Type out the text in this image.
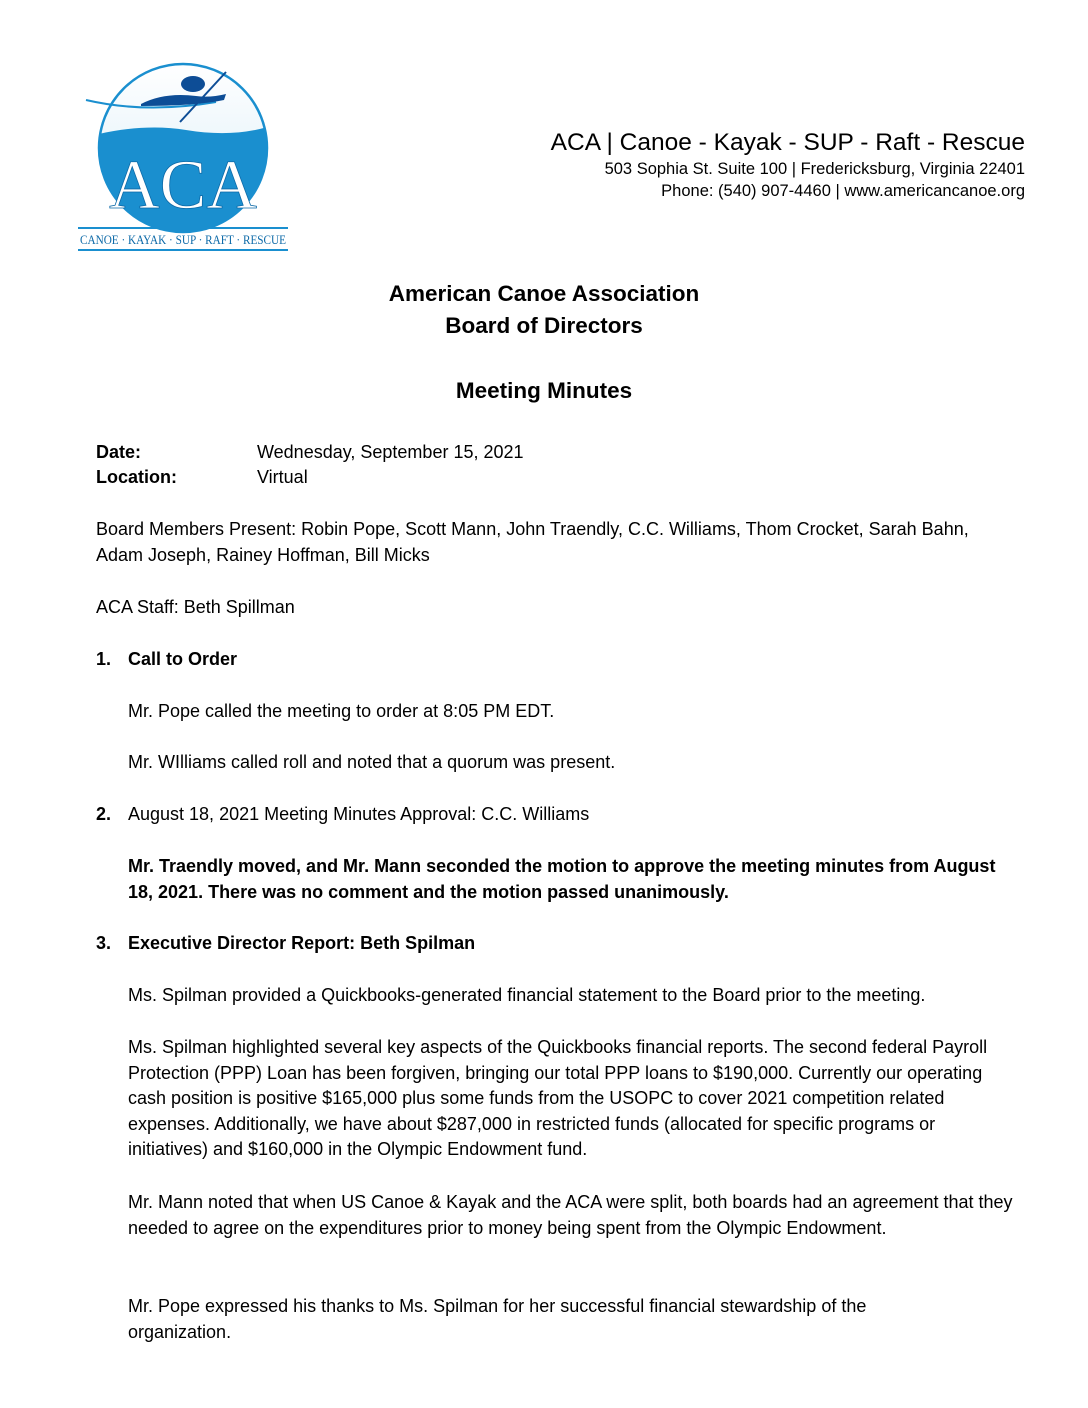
ACA
CANOE · KAYAK · SUP · RAFT · RESCUE
ACA | Canoe - Kayak - SUP - Raft - Rescue
503 Sophia St. Suite 100 | Fredericksburg, Virginia 22401
Phone: (540) 907-4460 | www.americancanoe.org
American Canoe Association
Board of Directors
Meeting Minutes
Date:	Wednesday, September 15, 2021
Location:	Virtual
Board Members Present: Robin Pope, Scott Mann, John Traendly, C.C. Williams, Thom Crocket, Sarah Bahn, Adam Joseph, Rainey Hoffman, Bill Micks
ACA Staff: Beth Spillman
1. Call to Order
Mr. Pope called the meeting to order at 8:05 PM EDT.
Mr. WIlliams called roll and noted that a quorum was present.
2. August 18, 2021 Meeting Minutes Approval: C.C. Williams
Mr. Traendly moved, and Mr. Mann seconded the motion to approve the meeting minutes from August 18, 2021. There was no comment and the motion passed unanimously.
3. Executive Director Report: Beth Spilman
Ms. Spilman provided a Quickbooks-generated financial statement to the Board prior to the meeting.
Ms. Spilman highlighted several key aspects of the Quickbooks financial reports. The second federal Payroll Protection (PPP) Loan has been forgiven, bringing our total PPP loans to $190,000. Currently our operating cash position is positive $165,000 plus some funds from the USOPC to cover 2021 competition related expenses. Additionally, we have about $287,000 in restricted funds (allocated for specific programs or initiatives) and $160,000 in the Olympic Endowment fund.
Mr. Mann noted that when US Canoe & Kayak and the ACA were split, both boards had an agreement that they needed to agree on the expenditures prior to money being spent from the Olympic Endowment.
Mr. Pope expressed his thanks to Ms. Spilman for her successful financial stewardship of the organization.
